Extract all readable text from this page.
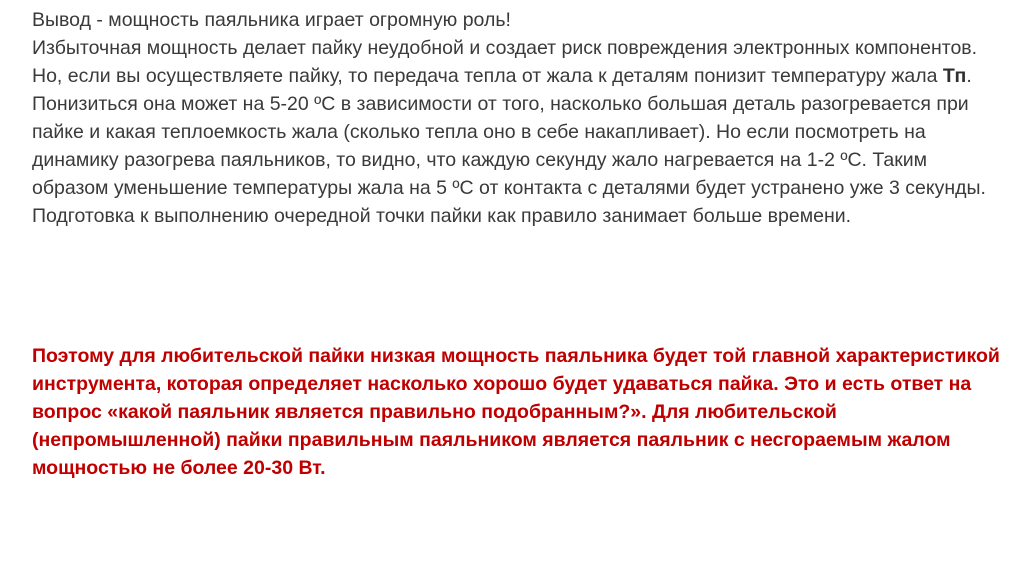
Вывод - мощность паяльника играет огромную роль!

Избыточная мощность делает пайку неудобной и создает риск повреждения электронных компонентов.

Но, если вы осуществляете пайку, то передача тепла от жала к деталям понизит температуру жала Тп. Понизиться она может на 5-20 ºС в зависимости от того, насколько большая деталь разогревается при пайке и какая теплоемкость жала (сколько тепла оно в себе накапливает). Но если посмотреть на динамику разогрева паяльников, то видно, что каждую секунду жало нагревается на 1-2 ºС. Таким образом уменьшение температуры жала на 5 ºС от контакта с деталями будет устранено уже 3 секунды.

Подготовка к выполнению очередной точки пайки как правило занимает больше времени.

Поэтому для любительской пайки низкая мощность паяльника будет той главной характеристикой инструмента, которая определяет насколько хорошо будет удаваться пайка. Это и есть ответ на вопрос «какой паяльник является правильно подобранным?». Для любительской (непромышленной) пайки правильным паяльником является паяльник с несгораемым жалом мощностью не более 20-30 Вт.
